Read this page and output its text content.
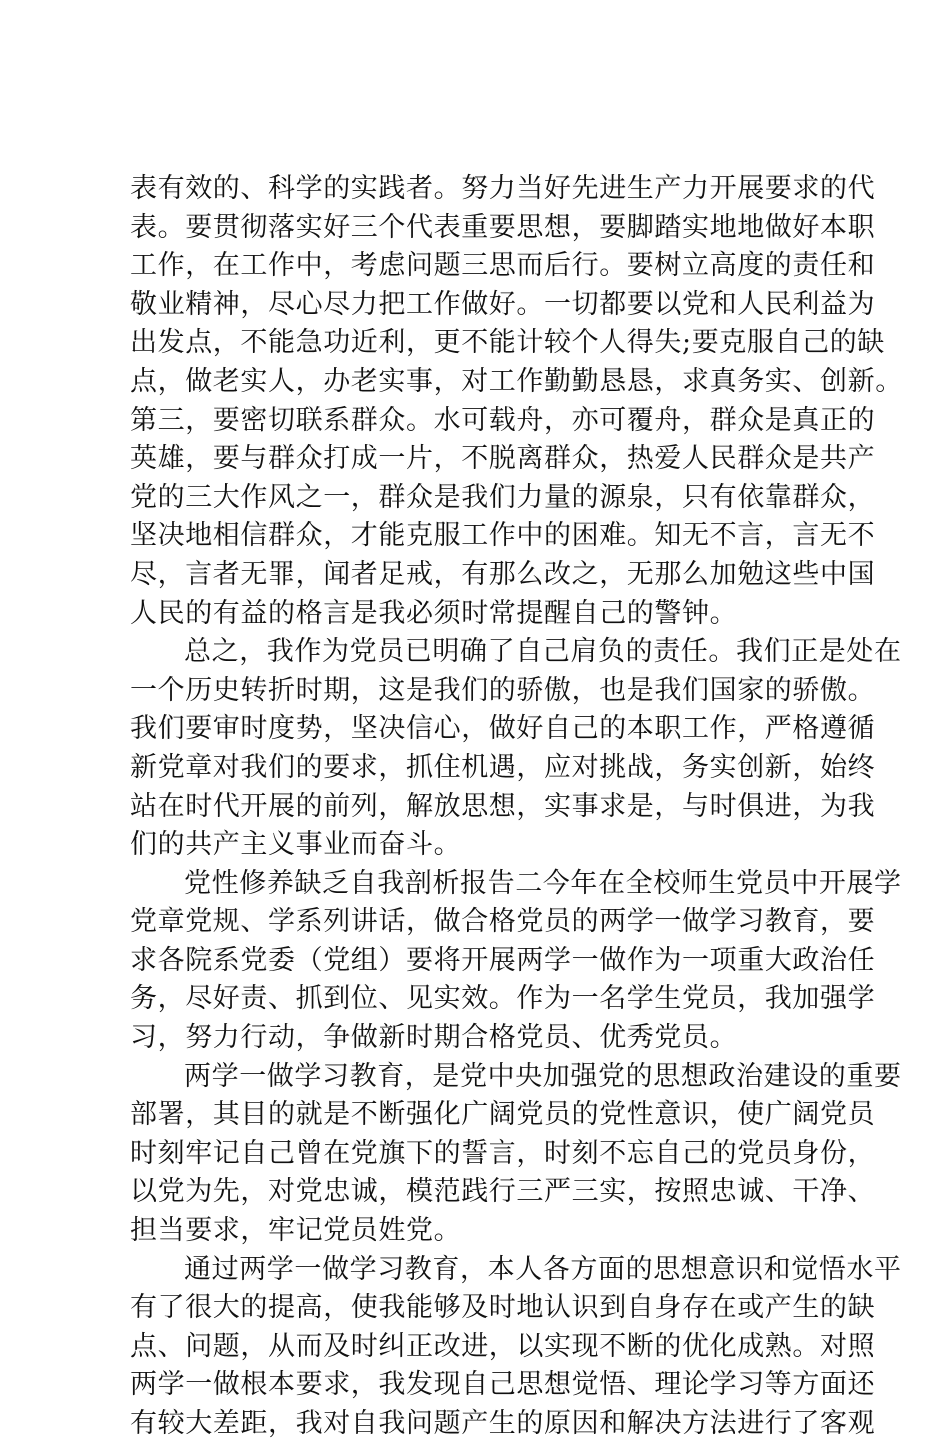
表有效的、科学的实践者。努力当好先进生产力开展要求的代
表。要贯彻落实好三个代表重要思想，要脚踏实地地做好本职
工作，在工作中，考虑问题三思而后行。要树立高度的责任和
敬业精神，尽心尽力把工作做好。一切都要以党和人民利益为
出发点，不能急功近利，更不能计较个人得失;要克服自己的缺
点，做老实人，办老实事，对工作勤勤恳恳，求真务实、创新。
第三，要密切联系群众。水可载舟，亦可覆舟，群众是真正的
英雄，要与群众打成一片，不脱离群众，热爱人民群众是共产
党的三大作风之一，群众是我们力量的源泉，只有依靠群众，
坚决地相信群众，才能克服工作中的困难。知无不言，言无不
尽，言者无罪，闻者足戒，有那么改之，无那么加勉这些中国
人民的有益的格言是我必须时常提醒自己的警钟。
总之，我作为党员已明确了自己肩负的责任。我们正是处在
一个历史转折时期，这是我们的骄傲，也是我们国家的骄傲。
我们要审时度势，坚决信心，做好自己的本职工作，严格遵循
新党章对我们的要求，抓住机遇，应对挑战，务实创新，始终
站在时代开展的前列，解放思想，实事求是，与时俱进，为我
们的共产主义事业而奋斗。
党性修养缺乏自我剖析报告二今年在全校师生党员中开展学
党章党规、学系列讲话，做合格党员的两学一做学习教育，要
求各院系党委（党组）要将开展两学一做作为一项重大政治任
务，尽好责、抓到位、见实效。作为一名学生党员，我加强学
习，努力行动，争做新时期合格党员、优秀党员。
两学一做学习教育，是党中央加强党的思想政治建设的重要
部署，其目的就是不断强化广阔党员的党性意识，使广阔党员
时刻牢记自己曾在党旗下的誓言，时刻不忘自己的党员身份，
以党为先，对党忠诚，模范践行三严三实，按照忠诚、干净、
担当要求，牢记党员姓党。
通过两学一做学习教育，本人各方面的思想意识和觉悟水平
有了很大的提高，使我能够及时地认识到自身存在或产生的缺
点、问题，从而及时纠正改进，以实现不断的优化成熟。对照
两学一做根本要求，我发现自己思想觉悟、理论学习等方面还
有较大差距，我对自我问题产生的原因和解决方法进行了客观
